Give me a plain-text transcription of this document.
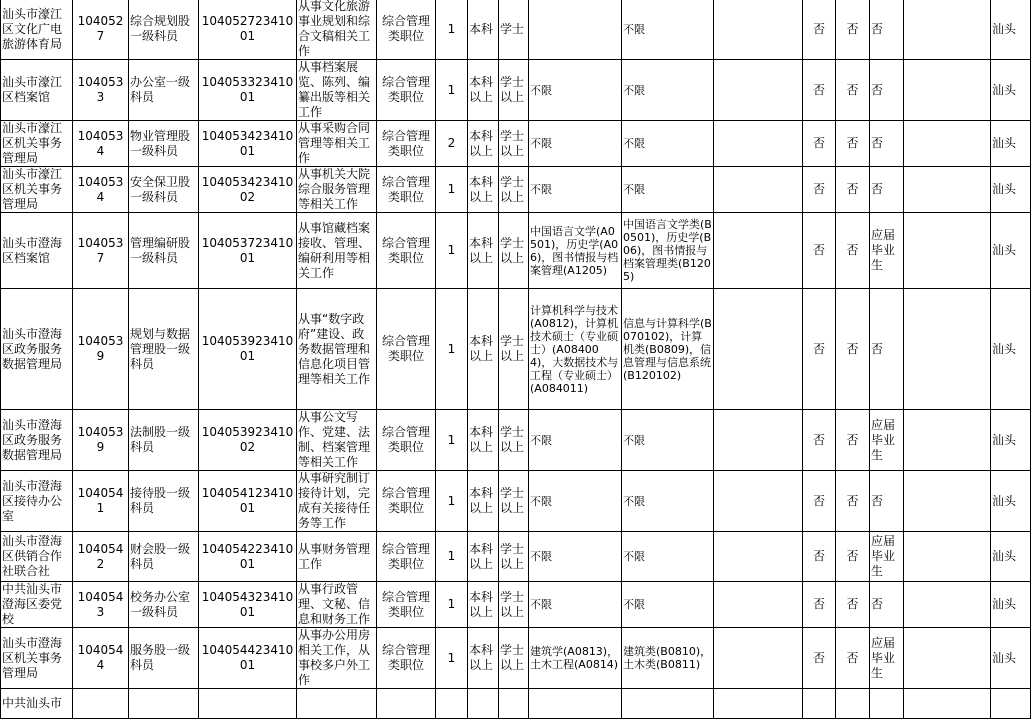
汕头市濠江区文化广电旅游体育局	1040527	综合规划股一级科员	10405272341001	从事文化旅游事业规划和综合文稿相关工作	综合管理类职位	1	本科	学士		不限		否	否	否		汕头
汕头市濠江区档案馆	1040533	办公室一级科员	10405332341001	从事档案展览、陈列、编纂出版等相关工作	综合管理类职位	1	本科以上	学士以上	不限	不限		否	否	否		汕头
汕头市濠江区机关事务管理局	1040534	物业管理股一级科员	10405342341001	从事采购合同管理等相关工作	综合管理类职位	2	本科以上	学士以上	不限	不限		否	否	否		汕头
汕头市濠江区机关事务管理局	1040534	安全保卫股一级科员	10405342341002	从事机关大院综合服务管理等相关工作	综合管理类职位	1	本科以上	学士以上	不限	不限		否	否	否		汕头
汕头市澄海区档案馆	1040537	管理编研股一级科员	10405372341001	从事馆藏档案接收、管理、编研利用等相关工作	综合管理类职位	1	本科以上	学士以上	中国语言文学(A0501)，历史学(A06)，图书情报与档案管理(A1205)	中国语言文学类(B0501)，历史学(B06)，图书情报与档案管理类(B1205)		否	否	应届毕业生		汕头
汕头市澄海区政务服务数据管理局	1040539	规划与数据管理股一级科员	10405392341001	从事“数字政府”建设、政务数据管理和信息化项目管理等相关工作	综合管理类职位	1	本科以上	学士以上	计算机科学与技术(A0812)，计算机技术硕士（专业硕士）(A084004)，大数据技术与工程（专业硕士）(A084011)	信息与计算科学(B070102)，计算机类(B0809)，信息管理与信息系统(B120102)		否	否	否		汕头
汕头市澄海区政务服务数据管理局	1040539	法制股一级科员	10405392341002	从事公文写作、党建、法制、档案管理等相关工作	综合管理类职位	1	本科以上	学士以上	不限	不限		否	否	应届毕业生		汕头
汕头市澄海区接待办公室	1040541	接待股一级科员	10405412341001	从事研究制订接待计划，完成有关接待任务等工作	综合管理类职位	1	本科以上	学士以上	不限	不限		否	否	否		汕头
汕头市澄海区供销合作社联合社	1040542	财会股一级科员	10405422341001	从事财务管理工作	综合管理类职位	1	本科以上	学士以上	不限	不限		否	否	应届毕业生		汕头
中共汕头市澄海区委党校	1040543	校务办公室一级科员	10405432341001	从事行政管理、文秘、信息和财务工作	综合管理类职位	1	本科以上	学士以上	不限	不限		否	否	否		汕头
汕头市澄海区机关事务管理局	1040544	服务股一级科员	10405442341001	从事办公用房相关工作，从事校多户外工作	综合管理类职位	1	本科以上	学士以上	建筑学(A0813)，土木工程(A0814)	建筑类(B0810)，土木类(B0811)		否	否	应届毕业生		汕头
中共汕头市																
